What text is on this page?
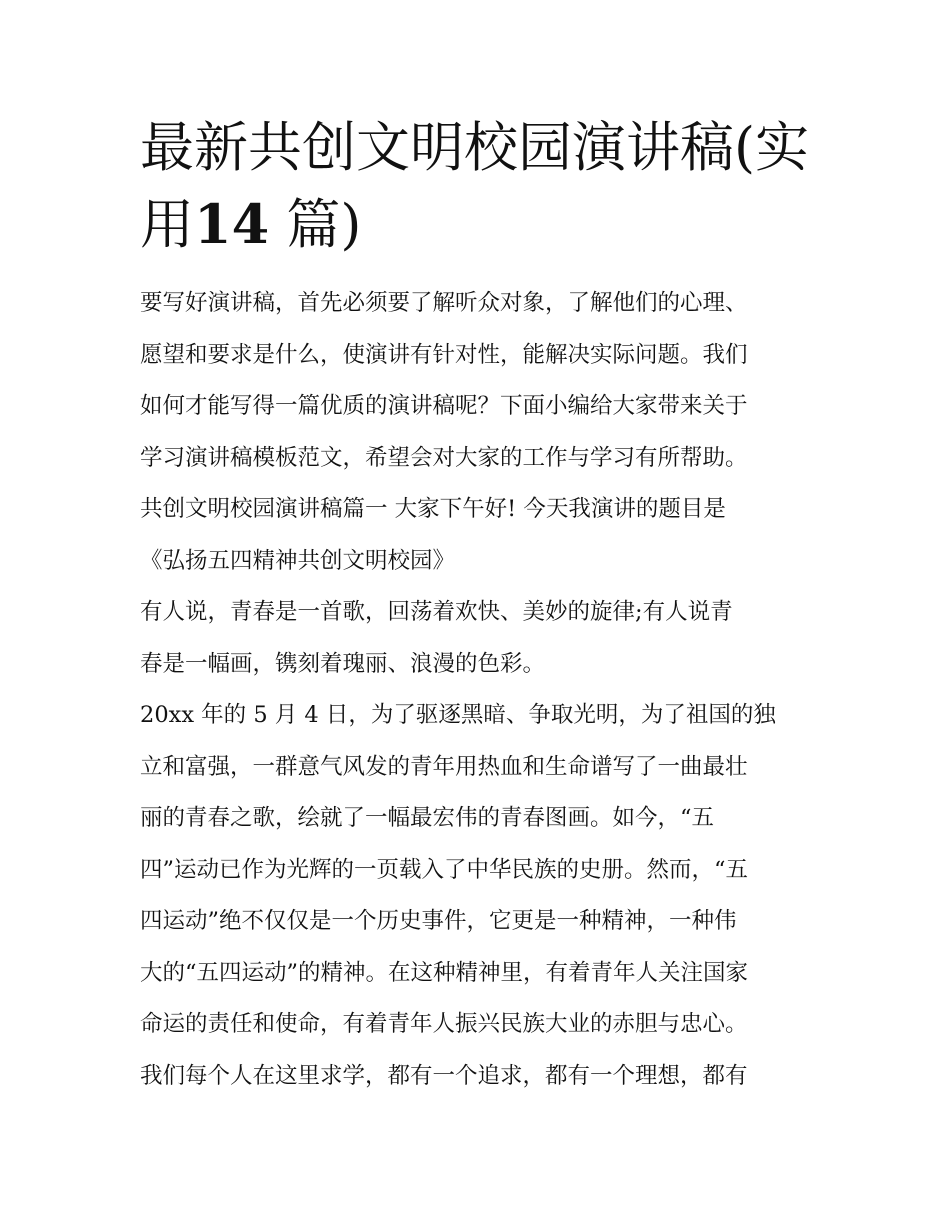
最新共创文明校园演讲稿(实用14 篇)
要写好演讲稿，首先必须要了解听众对象，了解他们的心理、
愿望和要求是什么，使演讲有针对性，能解决实际问题。我们
如何才能写得一篇优质的演讲稿呢？下面小编给大家带来关于
学习演讲稿模板范文，希望会对大家的工作与学习有所帮助。
共创文明校园演讲稿篇一 大家下午好! 今天我演讲的题目是
《弘扬五四精神共创文明校园》
有人说，青春是一首歌，回荡着欢快、美妙的旋律;有人说青
春是一幅画，镌刻着瑰丽、浪漫的色彩。
20xx 年的 5 月 4 日，为了驱逐黑暗、争取光明，为了祖国的独
立和富强，一群意气风发的青年用热血和生命谱写了一曲最壮
丽的青春之歌，绘就了一幅最宏伟的青春图画。如今，“五
四”运动已作为光辉的一页载入了中华民族的史册。然而，“五
四运动”绝不仅仅是一个历史事件，它更是一种精神，一种伟
大的“五四运动”的精神。在这种精神里，有着青年人关注国家
命运的责任和使命，有着青年人振兴民族大业的赤胆与忠心。
我们每个人在这里求学，都有一个追求，都有一个理想，都有
